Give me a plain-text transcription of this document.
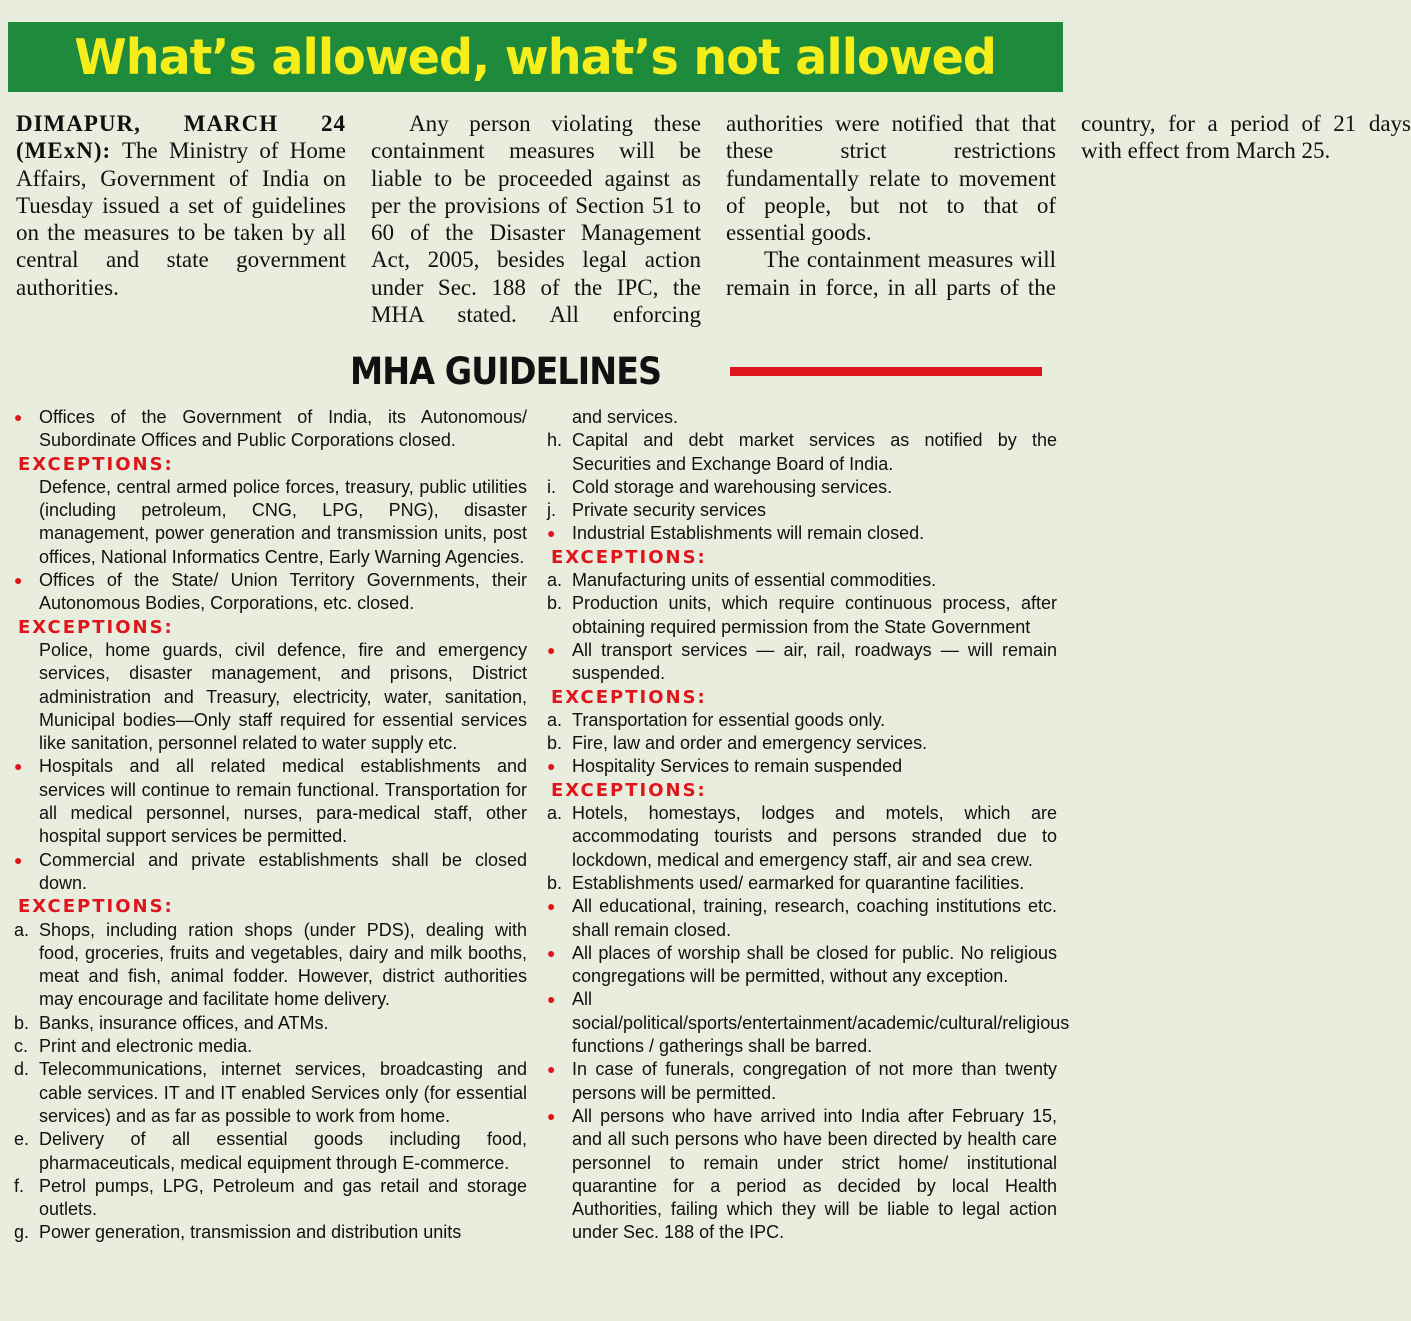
What’s allowed, what’s not allowed

DIMAPUR, MARCH 24 (MExN): The Ministry of Home Affairs, Government of India on Tuesday issued a set of guidelines on the measures to be taken by all central and state government authorities.

Any person violating these containment measures will be liable to be proceeded against as per the provisions of Section 51 to 60 of the Disaster Management Act, 2005, besides legal action under Sec. 188 of the IPC, the MHA stated. All enforcing authorities were notified that that these strict restrictions fundamentally relate to movement of people, but not to that of essential goods.

The containment measures will remain in force, in all parts of the country, for a period of 21 days with effect from March 25.

MHA GUIDELINES
● Offices of the Government of India, its Autonomous/ Subordinate Offices and Public Corporations closed.
EXCEPTIONS:
Defence, central armed police forces, treasury, public utilities (including petroleum, CNG, LPG, PNG), disaster management, power generation and transmission units, post offices, National Informatics Centre, Early Warning Agencies.
● Offices of the State/ Union Territory Governments, their Autonomous Bodies, Corporations, etc. closed.
EXCEPTIONS:
Police, home guards, civil defence, fire and emergency services, disaster management, and prisons, District administration and Treasury, electricity, water, sanitation, Municipal bodies—Only staff required for essential services like sanitation, personnel related to water supply etc.
● Hospitals and all related medical establishments and services will continue to remain functional. Transportation for all medical personnel, nurses, para-medical staff, other hospital support services be permitted.
● Commercial and private establishments shall be closed down.
EXCEPTIONS:
a. Shops, including ration shops (under PDS), dealing with food, groceries, fruits and vegetables, dairy and milk booths, meat and fish, animal fodder. However, district authorities may encourage and facilitate home delivery.
b. Banks, insurance offices, and ATMs.
c. Print and electronic media.
d. Telecommunications, internet services, broadcasting and cable services. IT and IT enabled Services only (for essential services) and as far as possible to work from home.
e. Delivery of all essential goods including food, pharmaceuticals, medical equipment through E-commerce.
f. Petrol pumps, LPG, Petroleum and gas retail and storage outlets.
g. Power generation, transmission and distribution units
and services.
h. Capital and debt market services as notified by the Securities and Exchange Board of India.
i. Cold storage and warehousing services.
j. Private security services
● Industrial Establishments will remain closed.
EXCEPTIONS:
a. Manufacturing units of essential commodities.
b. Production units, which require continuous process, after obtaining required permission from the State Government
● All transport services — air, rail, roadways — will remain suspended.
EXCEPTIONS:
a. Transportation for essential goods only.
b. Fire, law and order and emergency services.
● Hospitality Services to remain suspended
EXCEPTIONS:
a. Hotels, homestays, lodges and motels, which are accommodating tourists and persons stranded due to lockdown, medical and emergency staff, air and sea crew.
b. Establishments used/ earmarked for quarantine facilities.
● All educational, training, research, coaching institutions etc. shall remain closed.
● All places of worship shall be closed for public. No religious congregations will be permitted, without any exception.
● All social/political/sports/entertainment/academic/cultural/religious functions / gatherings shall be barred.
● In case of funerals, congregation of not more than twenty persons will be permitted.
● All persons who have arrived into India after February 15, and all such persons who have been directed by health care personnel to remain under strict home/ institutional quarantine for a period as decided by local Health Authorities, failing which they will be liable to legal action under Sec. 188 of the IPC.
